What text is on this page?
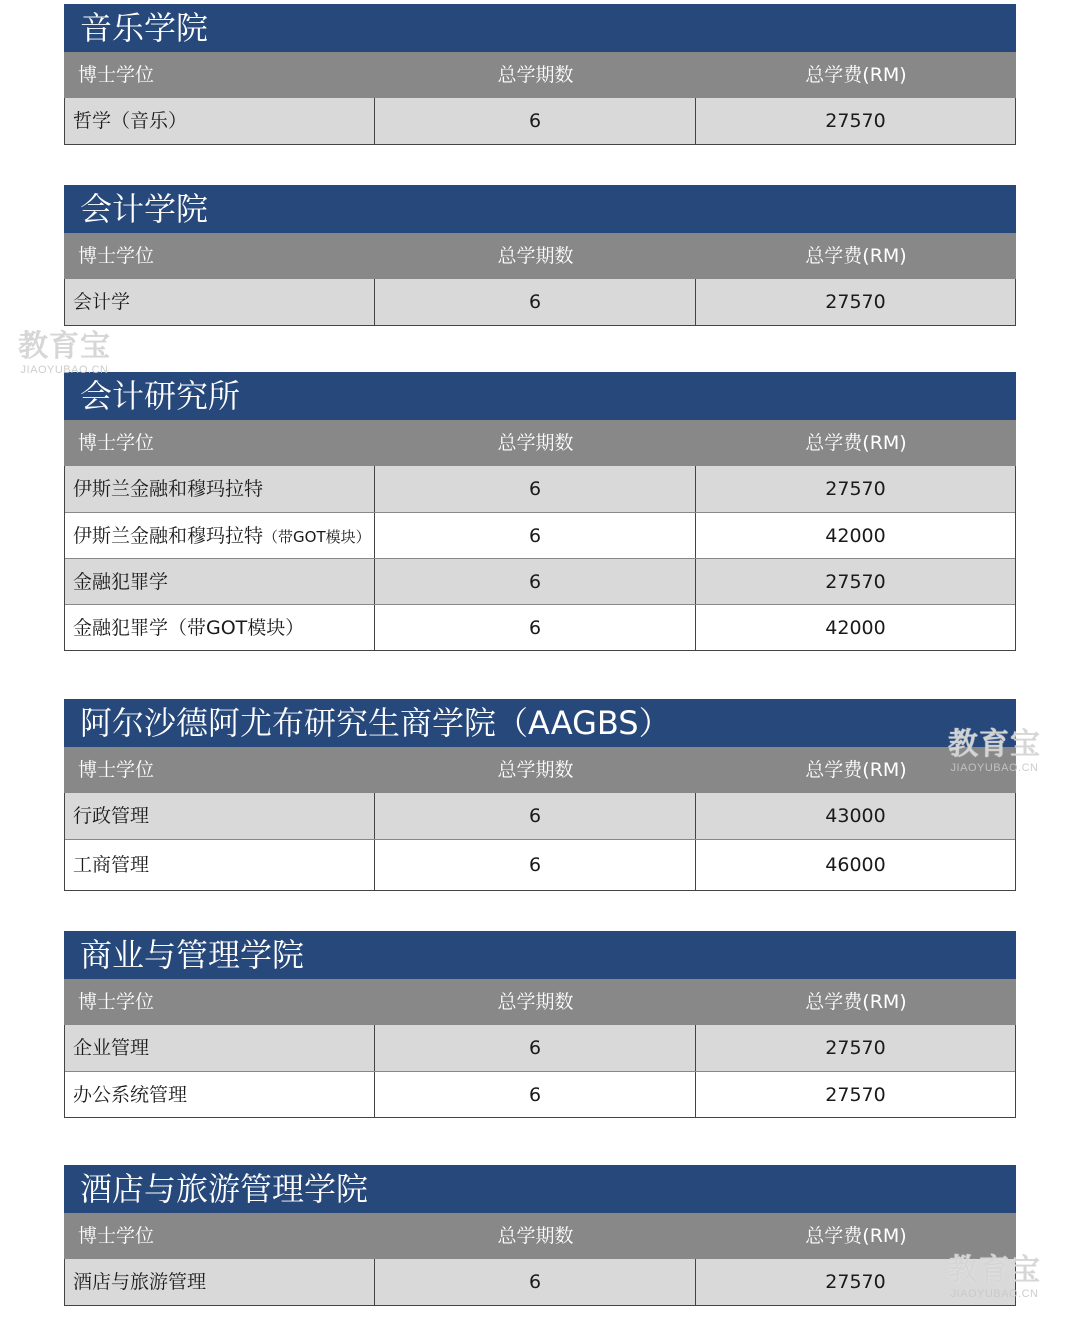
音乐学院
博士学位	总学期数	总学费(RM)
哲学（音乐）	6	27570
会计学院
博士学位	总学期数	总学费(RM)
会计学	6	27570
会计研究所
博士学位	总学期数	总学费(RM)
伊斯兰金融和穆玛拉特	6	27570
伊斯兰金融和穆玛拉特（带GOT模块）	6	42000
金融犯罪学	6	27570
金融犯罪学（带GOT模块）	6	42000
阿尔沙德阿尤布研究生商学院（AAGBS）
博士学位	总学期数	总学费(RM)
行政管理	6	43000
工商管理	6	46000
商业与管理学院
博士学位	总学期数	总学费(RM)
企业管理	6	27570
办公系统管理	6	27570
酒店与旅游管理学院
博士学位	总学期数	总学费(RM)
酒店与旅游管理	6	27570
教育宝
JIAOYUBAO.CN
教育宝
JIAOYUBAO.CN
教育宝
JIAOYUBAO.CN
